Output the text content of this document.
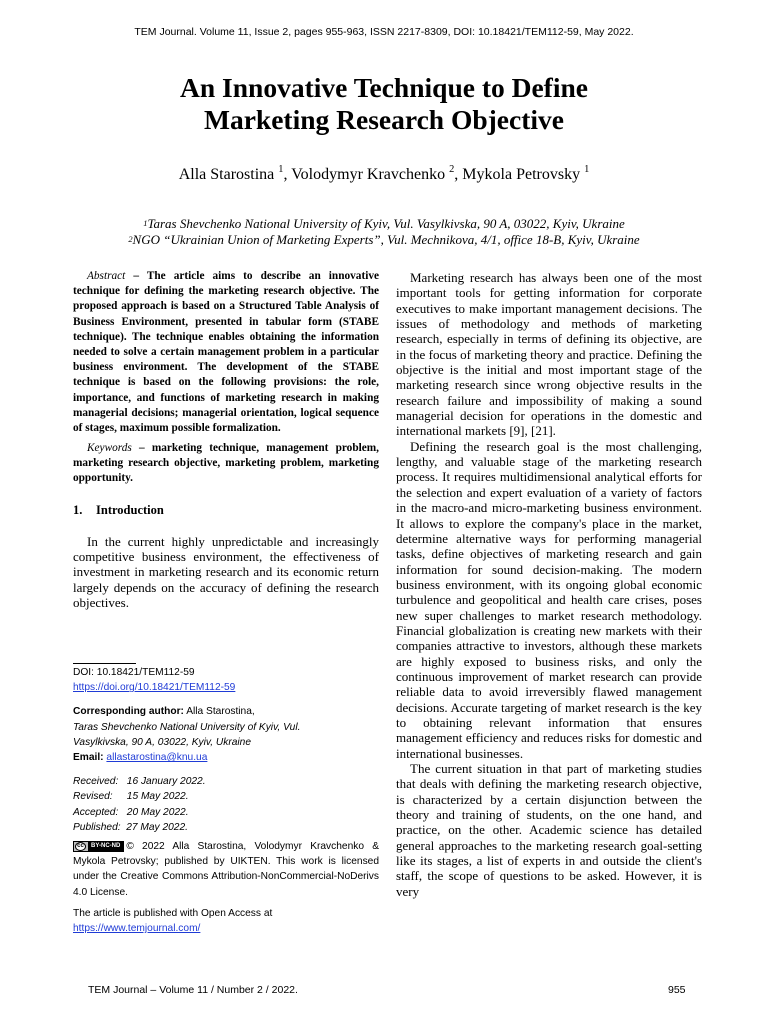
TEM Journal. Volume 11, Issue 2, pages 955-963, ISSN 2217-8309, DOI: 10.18421/TEM112-59, May 2022.
An Innovative Technique to Define
Marketing Research Objective
Alla Starostina $^1$, Volodymyr Kravchenko $^2$, Mykola Petrovsky $^1$
$^1$Taras Shevchenko National University of Kyiv, Vul. Vasylkivska, 90 A, 03022, Kyiv, Ukraine
$^2$NGO “Ukrainian Union of Marketing Experts”, Vul. Mechnikova, 4/1, office 18-B, Kyiv, Ukraine

Abstract – The article aims to describe an innovative technique for defining the marketing research objective. The proposed approach is based on a Structured Table Analysis of Business Environment, presented in tabular form (STABE technique). The technique enables obtaining the information needed to solve a certain management problem in a particular business environment. The development of the STABE technique is based on the following provisions: the role, importance, and functions of marketing research in making managerial decisions; managerial orientation, logical sequence of stages, maximum possible formalization.

Keywords – marketing technique, management problem, marketing research objective, marketing problem, marketing opportunity.

1. Introduction

In the current highly unpredictable and increasingly competitive business environment, the effectiveness of investment in marketing research and its economic return largely depends on the accuracy of defining the research objectives.

DOI: 10.18421/TEM112-59
https://doi.org/10.18421/TEM112-59
Corresponding author: Alla Starostina,
Taras Shevchenko National University of Kyiv, Vul.
Vasylkivska, 90 A, 03022, Kyiv, Ukraine
Email: allastarostina@knu.ua
Received:   16 January 2022.
Revised:     15 May 2022.
Accepted:   20 May 2022.
Published:  27 May 2022.
cc	BY-NC-ND © 2022 Alla Starostina, Volodymyr Kravchenko & Mykola Petrovsky; published by UIKTEN. This work is licensed under the Creative Commons Attribution-NonCommercial-NoDerivs 4.0 License.
The article is published with Open Access at
https://www.temjournal.com/

Marketing research has always been one of the most important tools for getting information for corporate executives to make important management decisions. The issues of methodology and methods of marketing research, especially in terms of defining its objective, are in the focus of marketing theory and practice. Defining the objective is the initial and most important stage of the marketing research since wrong objective results in the research failure and impossibility of making a sound managerial decision for operations in the domestic and international markets [9], [21].

Defining the research goal is the most challenging, lengthy, and valuable stage of the marketing research process. It requires multidimensional analytical efforts for the selection and expert evaluation of a variety of factors in the macro-and micro-marketing business environment. It allows to explore the company's place in the market, determine alternative ways for performing managerial tasks, define objectives of marketing research and gain information for sound decision-making. The modern business environment, with its ongoing global economic turbulence and geopolitical and health care crises, poses new super challenges to market research methodology. Financial globalization is creating new markets with their companies attractive to investors, although these markets are highly exposed to business risks, and only the continuous improvement of market research can provide reliable data to avoid irreversibly flawed management decisions. Accurate targeting of market research is the key to obtaining relevant information that ensures management efficiency and reduces risks for domestic and international businesses.

The current situation in that part of marketing studies that deals with defining the marketing research objective, is characterized by a certain disjunction between the theory and training of students, on the one hand, and practice, on the other. Academic science has detailed general approaches to the marketing research goal-setting like its stages, a list of experts in and outside the client's staff, the scope of questions to be asked. However, it is very

TEM Journal – Volume 11 / Number 2 / 2022.	955
